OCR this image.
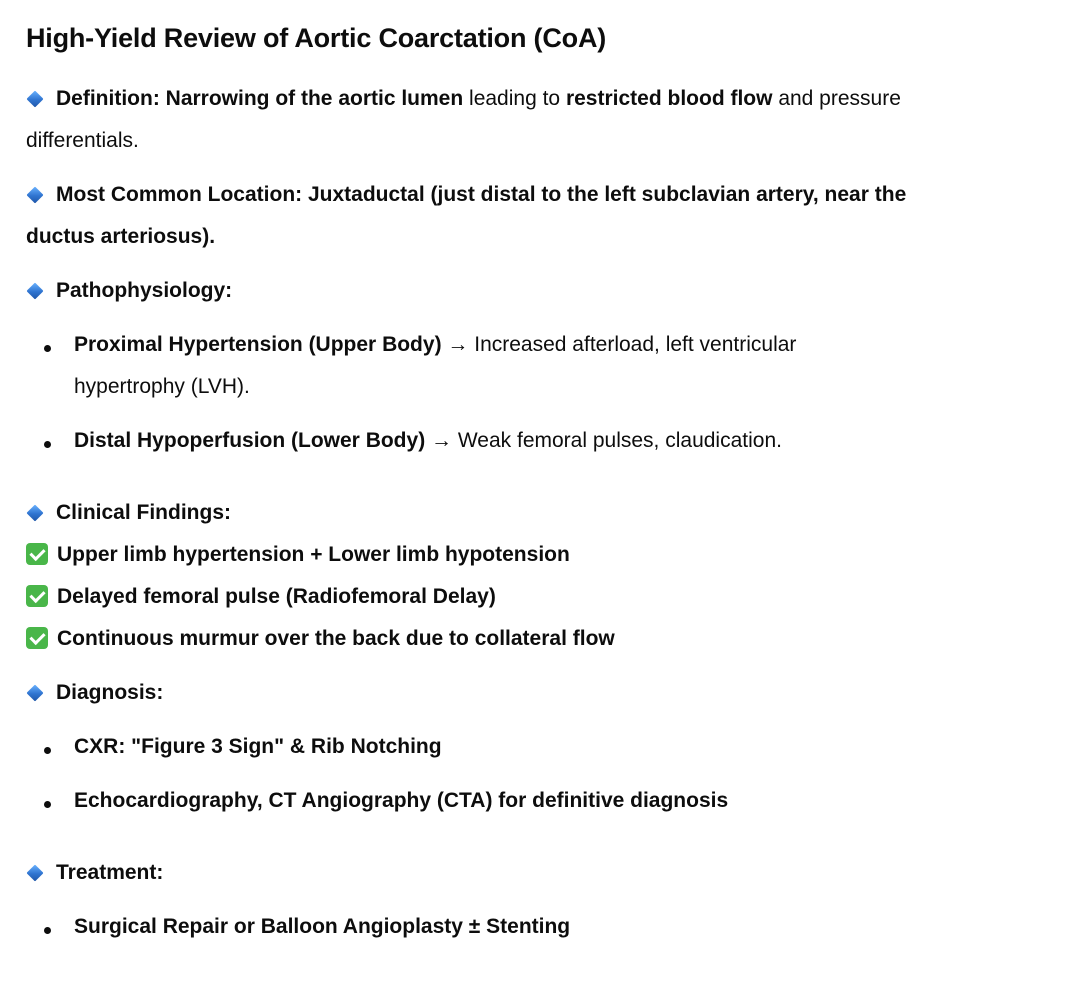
High-Yield Review of Aortic Coarctation (CoA)
Definition: Narrowing of the aortic lumen leading to restricted blood flow and pressure
differentials.
Most Common Location: Juxtaductal (just distal to the left subclavian artery, near the
ductus arteriosus).
Pathophysiology:
Proximal Hypertension (Upper Body) → Increased afterload, left ventricular
hypertrophy (LVH).
Distal Hypoperfusion (Lower Body) → Weak femoral pulses, claudication.
Clinical Findings:
Upper limb hypertension + Lower limb hypotension
Delayed femoral pulse (Radiofemoral Delay)
Continuous murmur over the back due to collateral flow
Diagnosis:
CXR: "Figure 3 Sign" & Rib Notching
Echocardiography, CT Angiography (CTA) for definitive diagnosis
Treatment:
Surgical Repair or Balloon Angioplasty ± Stenting
